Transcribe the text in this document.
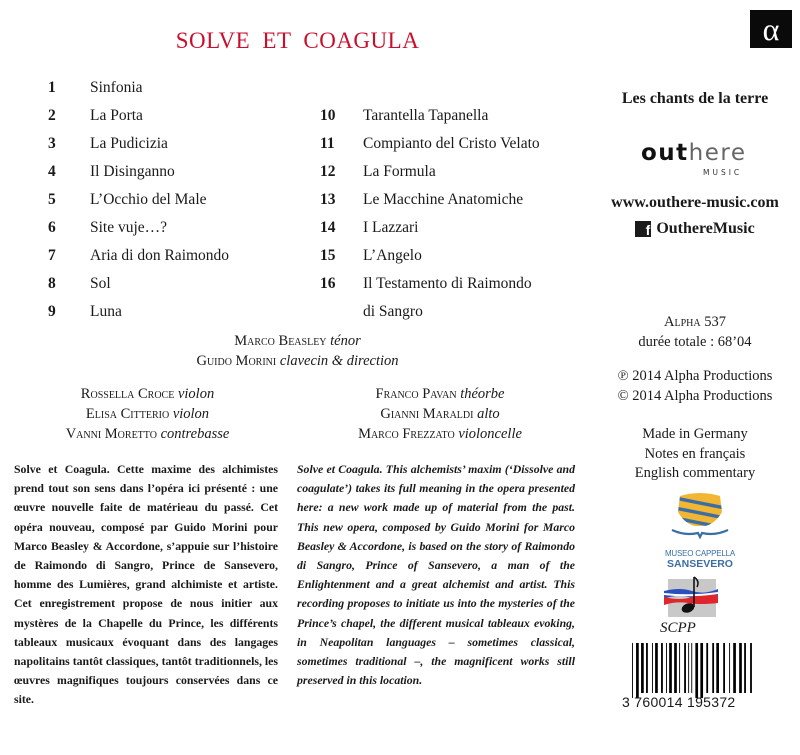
SOLVE ET COAGULA	α
1 Sinfonia
2 La Porta
3 La Pudicizia
4 Il Disinganno
5 L’Occhio del Male
6 Site vuje…?
7 Aria di don Raimondo
8 Sol
9 Luna
10 Tarantella Tapanella
11 Compianto del Cristo Velato
12 La Formula
13 Le Macchine Anatomiche
14 I Lazzari
15 L’Angelo
16 Il Testamento di Raimondo
di Sangro
Marco Beasley ténor
Guido Morini clavecin & direction
Rossella Croce violon
Elisa Citterio violon
Vanni Moretto contrebasse
Franco Pavan théorbe
Gianni Maraldi alto
Marco Frezzato violoncelle
Solve et Coagula. Cette maxime des alchimistes prend tout son sens dans l’opéra ici présenté : une œuvre nouvelle faite de matérieau du passé. Cet opéra nouveau, composé par Guido Morini pour Marco Beasley & Accordone, s’appuie sur l’histoire de Raimondo di Sangro, Prince de Sansevero, homme des Lumières, grand alchimiste et artiste. Cet enregistrement propose de nous initier aux mystères de la Chapelle du Prince, les différents tableaux musicaux évoquant dans des langages napolitains tantôt classiques, tantôt traditionnels, les œuvres magnifiques toujours conservées dans ce site.
Solve et Coagula. This alchemists’ maxim (‘Dissolve and coagulate’) takes its full meaning in the opera presented here: a new work made up of material from the past. This new opera, composed by Guido Morini for Marco Beasley & Accordone, is based on the story of Raimondo di Sangro, Prince of Sansevero, a man of the Enlightenment and a great alchemist and artist. This recording proposes to initiate us into the mysteries of the Prince’s chapel, the different musical tableaux evoking, in Neapolitan languages – sometimes classical, sometimes traditional –, the magnificent works still preserved in this location.
Les chants de la terre
outhere
MUSIC
www.outhere-music.com
f OuthereMusic
Alpha 537
durée totale : 68’04
℗ 2014 Alpha Productions
© 2014 Alpha Productions
Made in Germany
Notes en français
English commentary
MUSEO CAPPELLA
SANSEVERO
SCPP
3 760014 195372
